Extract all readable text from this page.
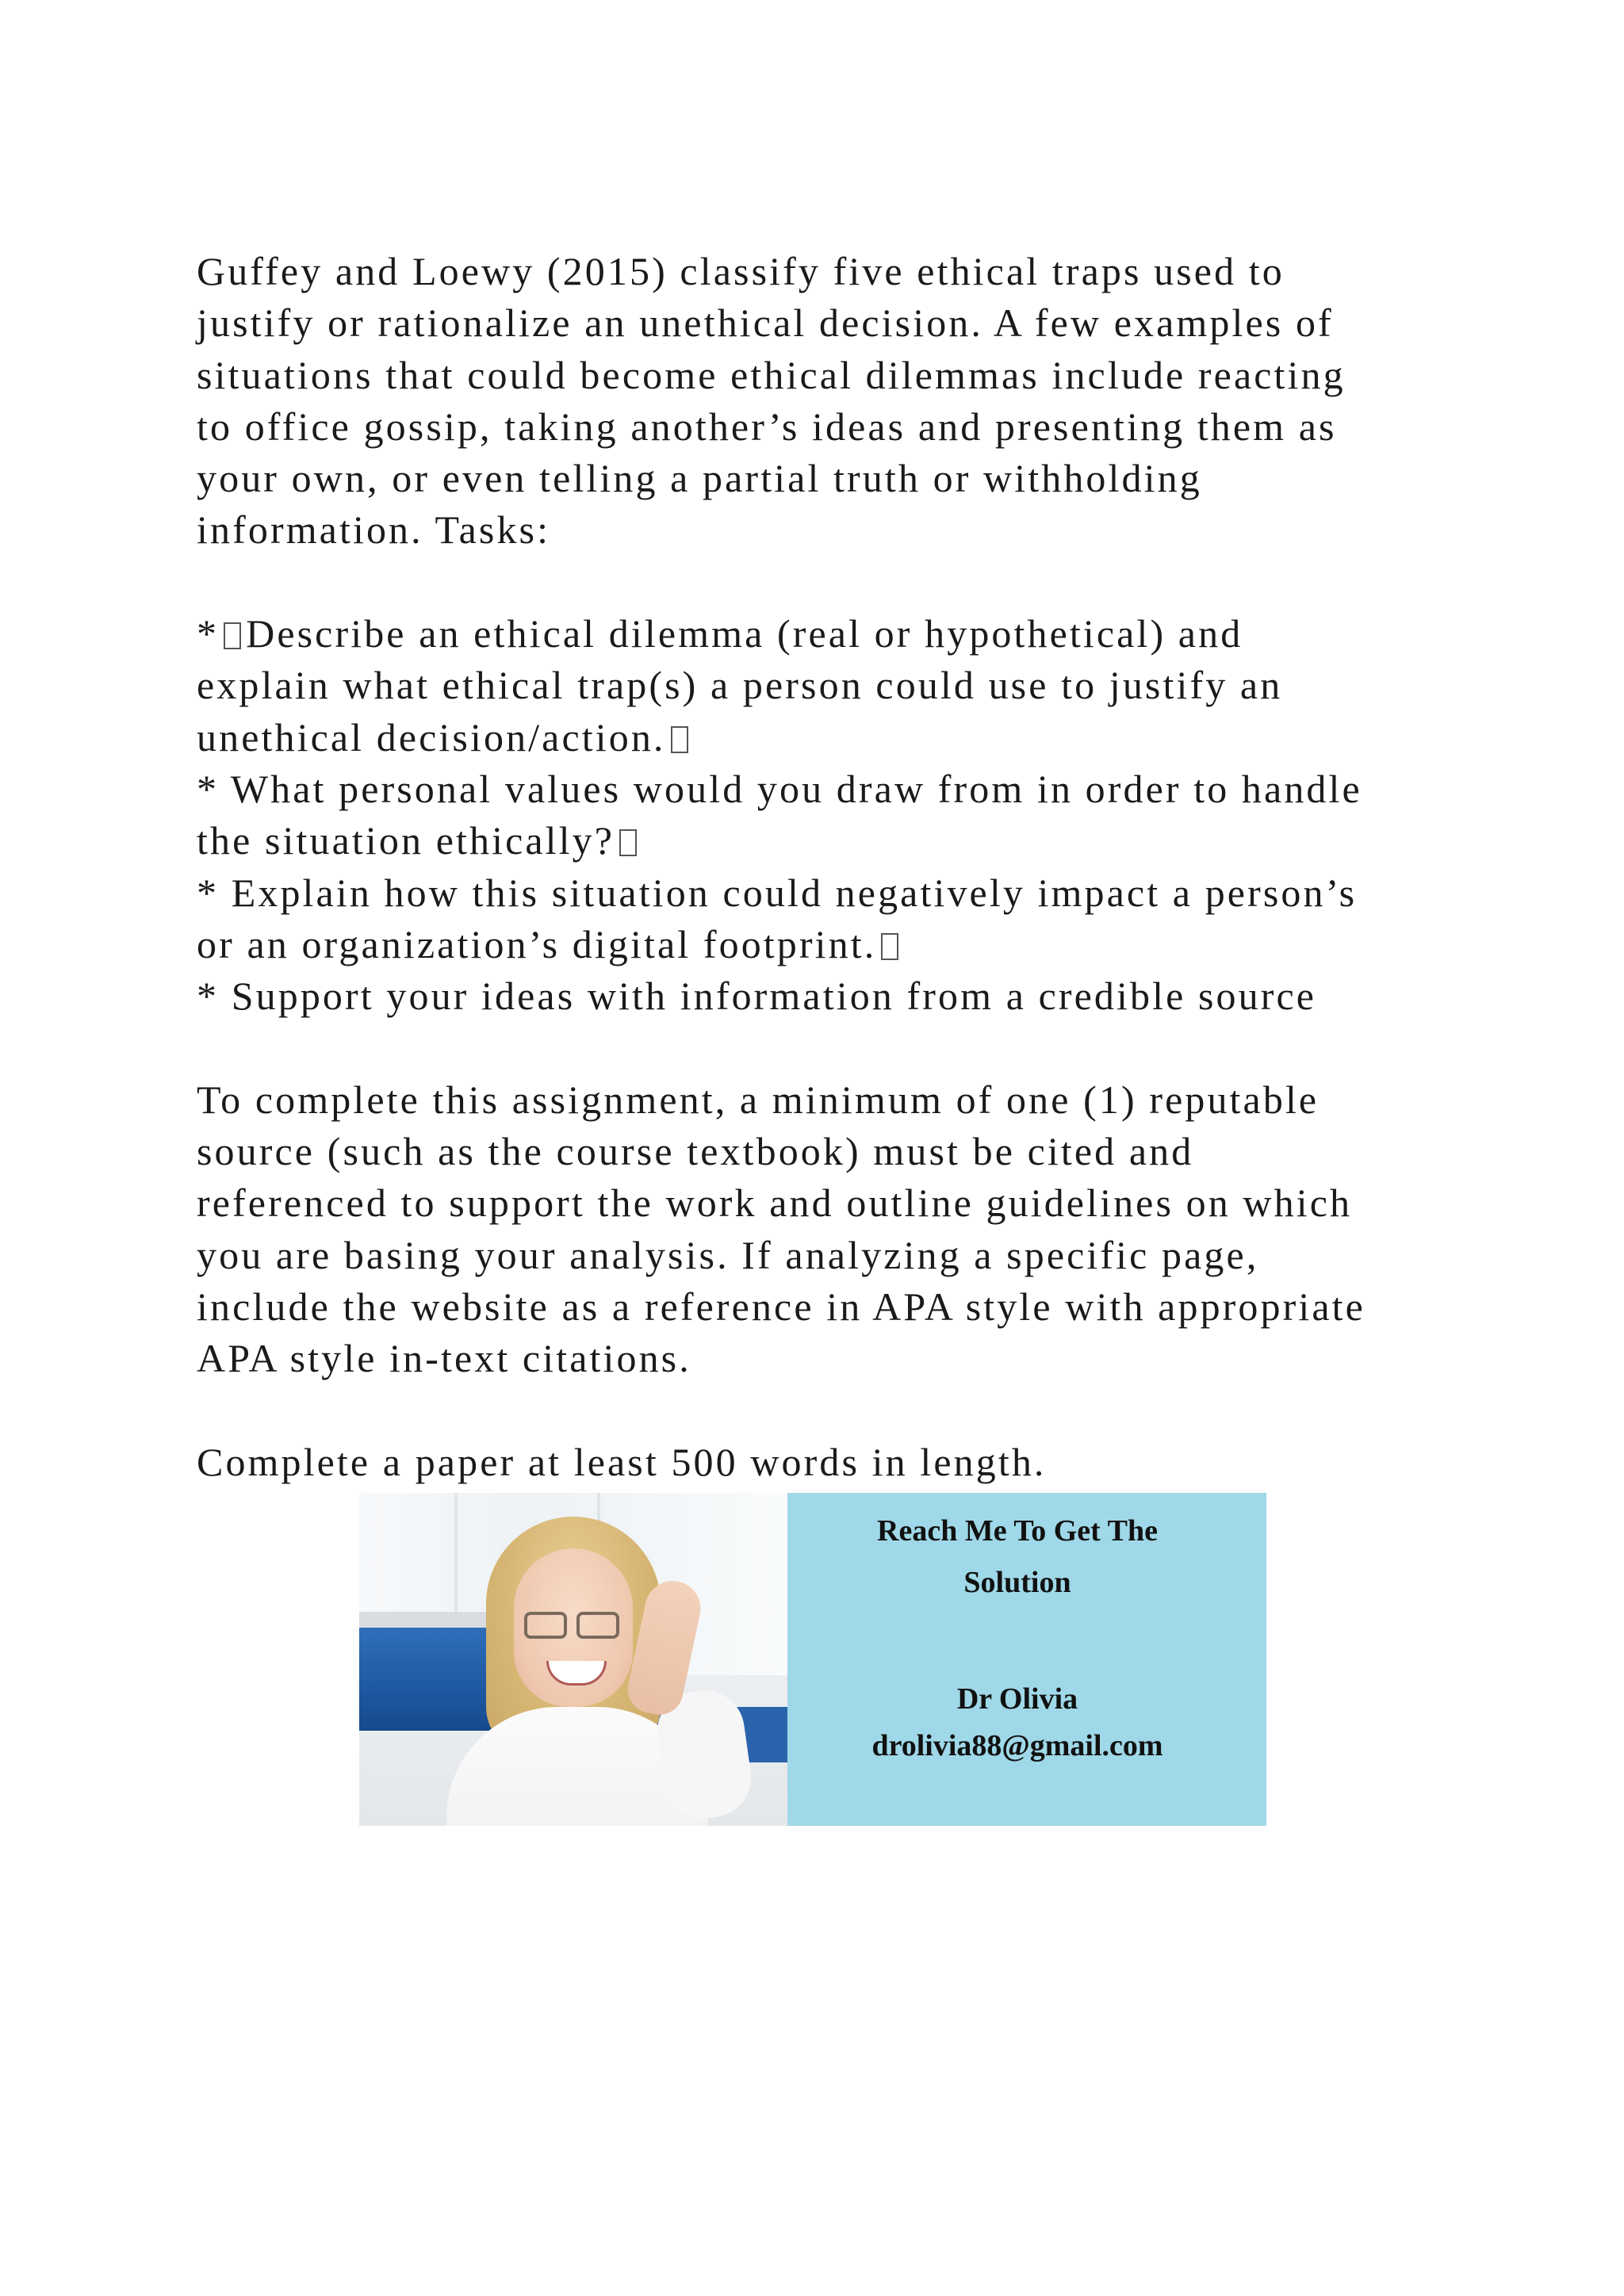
Guffey and Loewy (2015) classify five ethical traps used to
justify or rationalize an unethical decision. A few examples of
situations that could become ethical dilemmas include reacting
to office gossip, taking another’s ideas and presenting them as
your own, or even telling a partial truth or withholding
information. Tasks:
* Describe an ethical dilemma (real or hypothetical) and
explain what ethical trap(s) a person could use to justify an
unethical decision/action.
* What personal values would you draw from in order to handle
the situation ethically?
* Explain how this situation could negatively impact a person’s
or an organization’s digital footprint.
* Support your ideas with information from a credible source
To complete this assignment, a minimum of one (1) reputable
source (such as the course textbook) must be cited and
referenced to support the work and outline guidelines on which
you are basing your analysis. If analyzing a specific page,
include the website as a reference in APA style with appropriate
APA style in-text citations.
Complete a paper at least 500 words in length.
Reach Me To Get The
Solution
Dr Olivia
drolivia88@gmail.com
